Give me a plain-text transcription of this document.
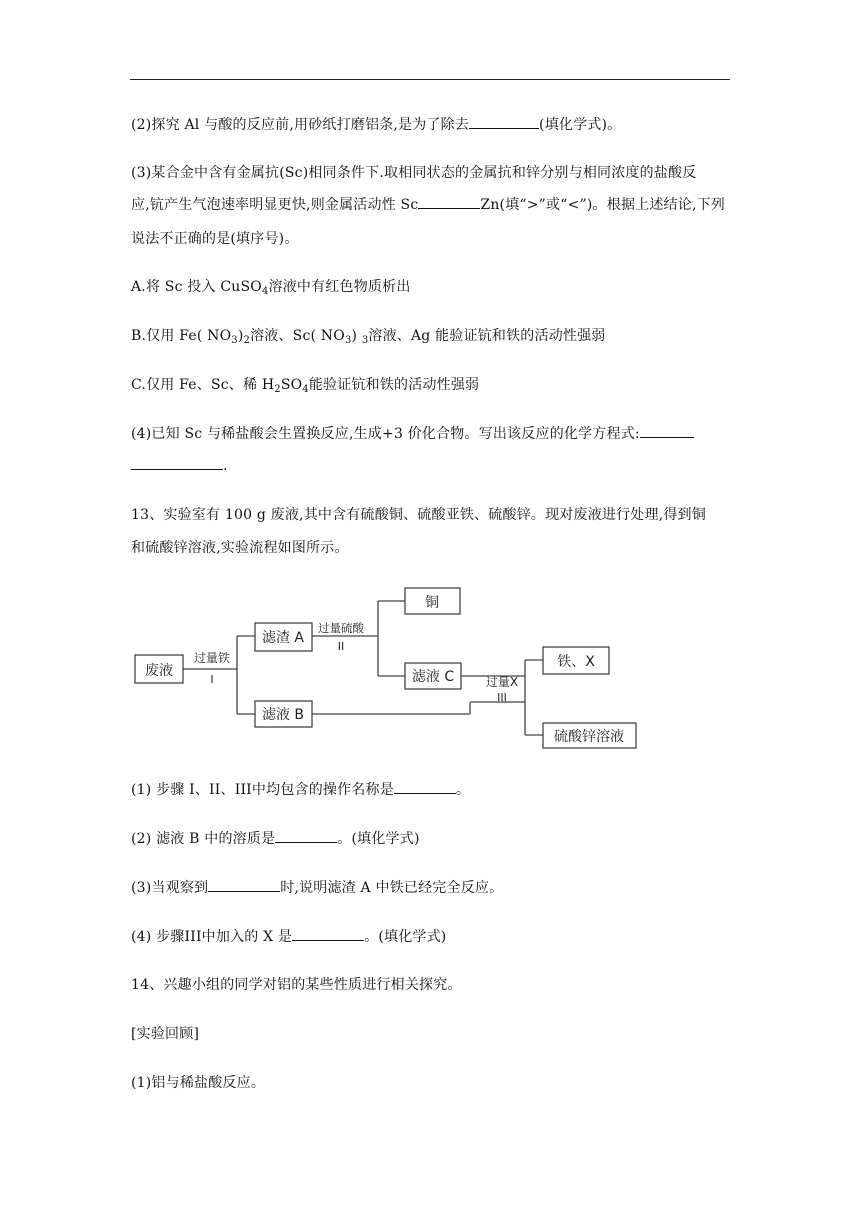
(2)探究 Al 与酸的反应前,用砂纸打磨铝条,是为了除去	(填化学式)。
(3)某合金中含有金属抗(Sc)相同条件下.取相同状态的金属抗和锌分别与相同浓度的盐酸反
应,钪产生气泡速率明显更快,则金属活动性 Sc	Zn(填“>”或“<”)。根据上述结论,下列
说法不正确的是(填序号)。
A.将 Sc 投入 CuSO$_4$溶液中有红色物质析出
B.仅用 Fe( $NO_3)_2$溶液、Sc( $NO_3$) $_3$溶液、Ag 能验证钪和铁的活动性强弱
C.仅用 Fe、Sc、稀 $H_2SO_4$能验证钪和铁的活动性强弱
(4)已知 Sc 与稀盐酸会生置换反应,生成+3 价化合物。写出该反应的化学方程式:
.
13、实验室有 100 g 废液,其中含有硫酸铜、硫酸亚铁、硫酸锌。现对废液进行处理,得到铜
和硫酸锌溶液,实验流程如图所示。
废液
过量铁
I
滤渣 A
过量硫酸
II
铜
滤液 C
滤液 B
过量X
III
铁、X
硫酸锌溶液
(1) 步骤 I、II、III中均包含的操作名称是	。
(2) 滤液 B 中的溶质是	。(填化学式)
(3)当观察到	时,说明滤渣 A 中铁已经完全反应。
(4) 步骤III中加入的 X 是	。(填化学式)
14、兴趣小组的同学对铝的某些性质进行相关探究。
[实验回顾]
(1)铝与稀盐酸反应。
